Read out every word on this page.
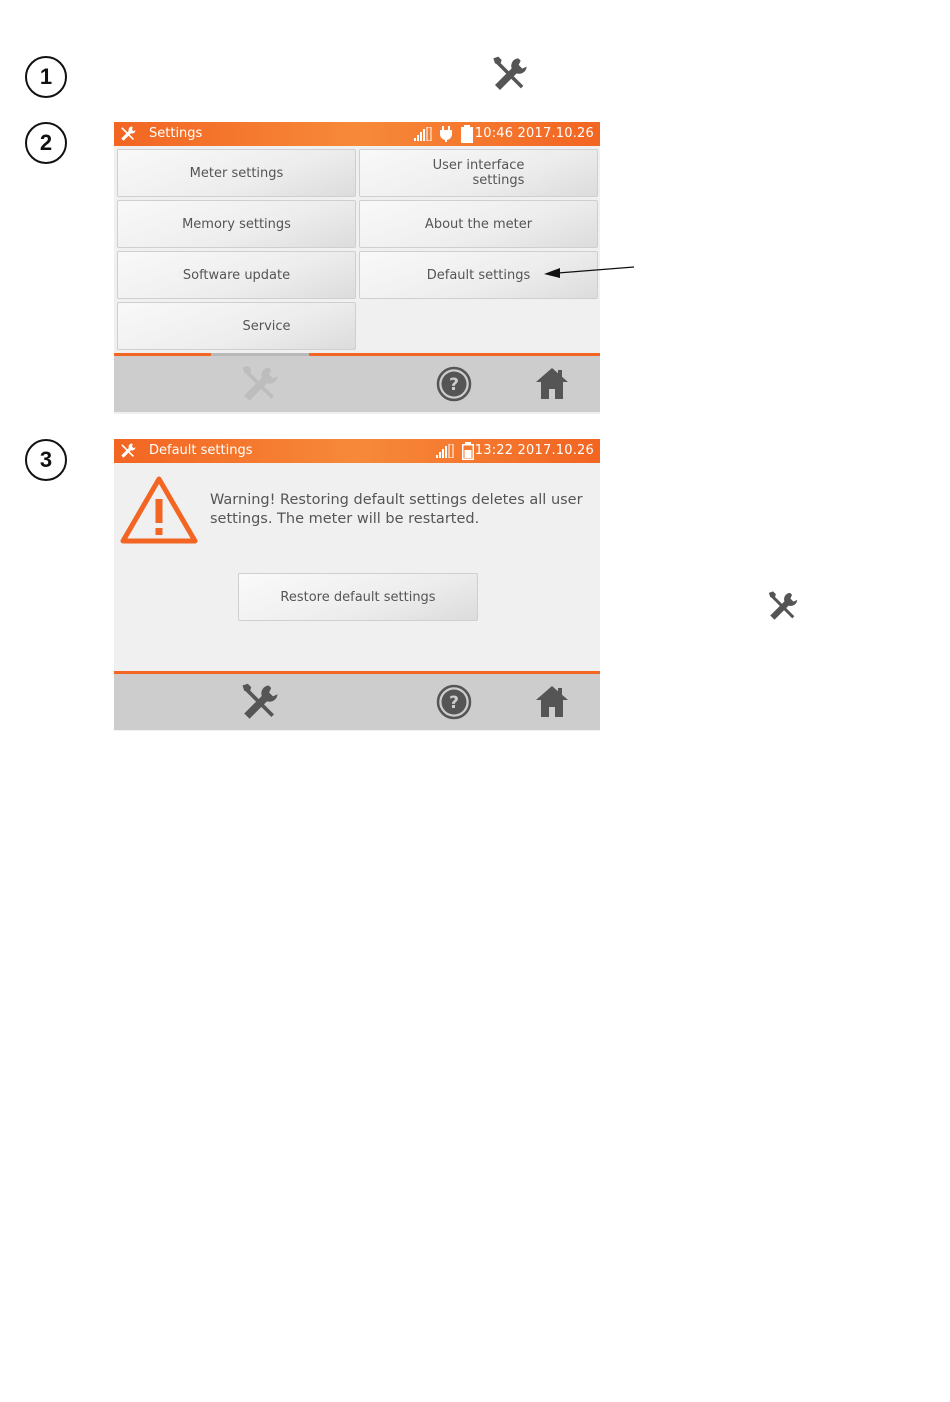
1
2	Settings	10:46 2017.10.26
Meter settings	User interface
settings
Memory settings	About the meter
Software update	Default settings
Service
?
3	Default settings	13:22 2017.10.26
Warning! Restoring default settings deletes all user settings. The meter will be restarted.
Restore default settings
?
